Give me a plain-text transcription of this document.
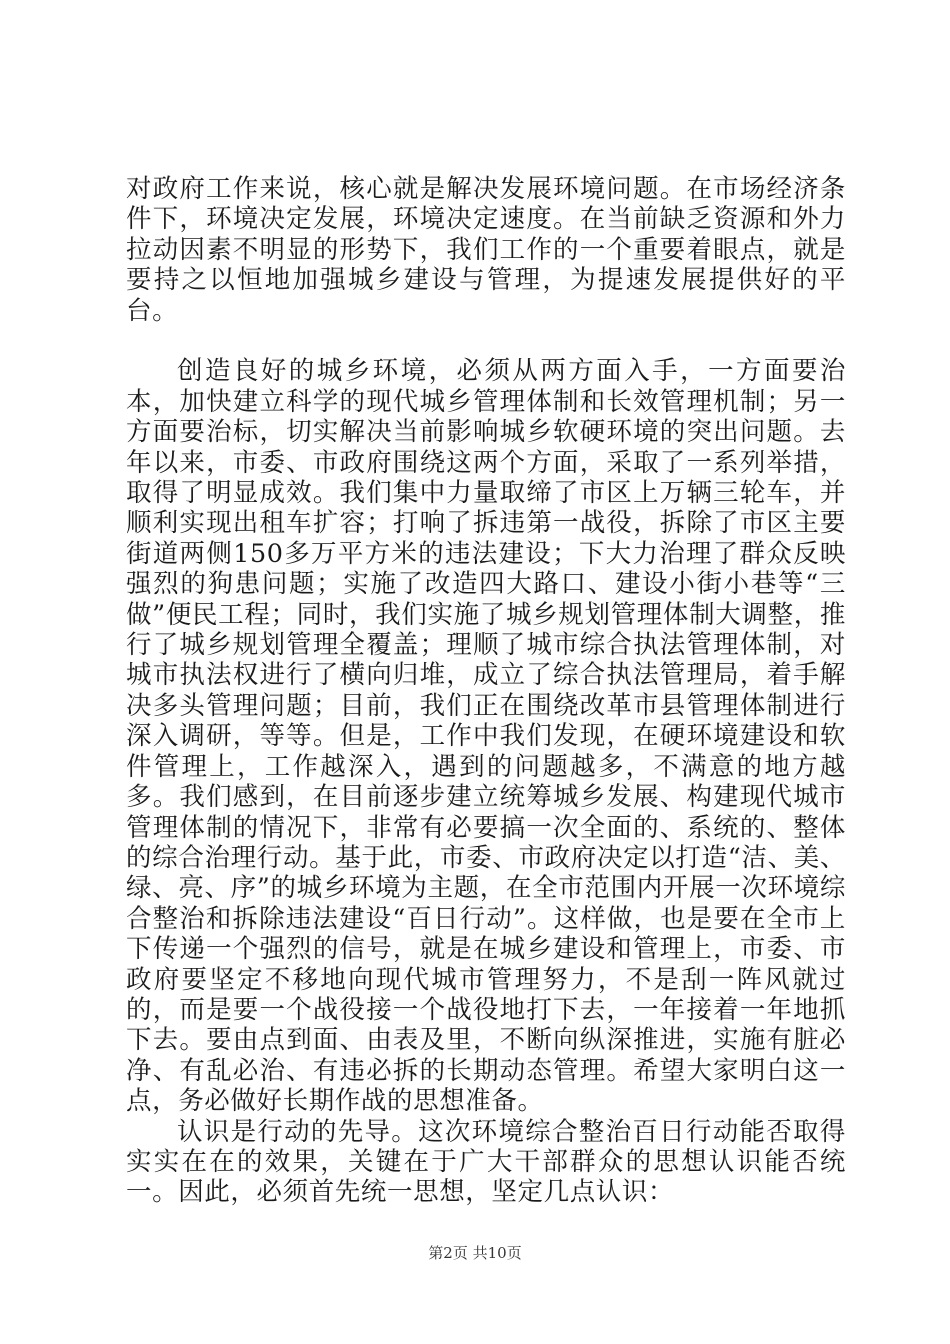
对政府工作来说，核心就是解决发展环境问题。在市场经济条件下，环境决定发展，环境决定速度。在当前缺乏资源和外力拉动因素不明显的形势下，我们工作的一个重要着眼点，就是要持之以恒地加强城乡建设与管理，为提速发展提供好的平台。

创造良好的城乡环境，必须从两方面入手，一方面要治本，加快建立科学的现代城乡管理体制和长效管理机制；另一方面要治标，切实解决当前影响城乡软硬环境的突出问题。去年以来，市委、市政府围绕这两个方面，采取了一系列举措，取得了明显成效。我们集中力量取缔了市区上万辆三轮车，并顺利实现出租车扩容；打响了拆违第一战役，拆除了市区主要街道两侧150多万平方米的违法建设；下大力治理了群众反映强烈的狗患问题；实施了改造四大路口、建设小街小巷等“三做”便民工程；同时，我们实施了城乡规划管理体制大调整，推行了城乡规划管理全覆盖；理顺了城市综合执法管理体制，对城市执法权进行了横向归堆，成立了综合执法管理局，着手解决多头管理问题；目前，我们正在围绕改革市县管理体制进行深入调研，等等。但是，工作中我们发现，在硬环境建设和软件管理上，工作越深入，遇到的问题越多，不满意的地方越多。我们感到，在目前逐步建立统筹城乡发展、构建现代城市管理体制的情况下，非常有必要搞一次全面的、系统的、整体的综合治理行动。基于此，市委、市政府决定以打造“洁、美、绿、亮、序”的城乡环境为主题，在全市范围内开展一次环境综合整治和拆除违法建设“百日行动”。这样做，也是要在全市上下传递一个强烈的信号，就是在城乡建设和管理上，市委、市政府要坚定不移地向现代城市管理努力，不是刮一阵风就过的，而是要一个战役接一个战役地打下去，一年接着一年地抓下去。要由点到面、由表及里，不断向纵深推进，实施有脏必净、有乱必治、有违必拆的长期动态管理。希望大家明白这一点，务必做好长期作战的思想准备。

认识是行动的先导。这次环境综合整治百日行动能否取得实实在在的效果，关键在于广大干部群众的思想认识能否统一。因此，必须首先统一思想，坚定几点认识：

第2页 共10页
